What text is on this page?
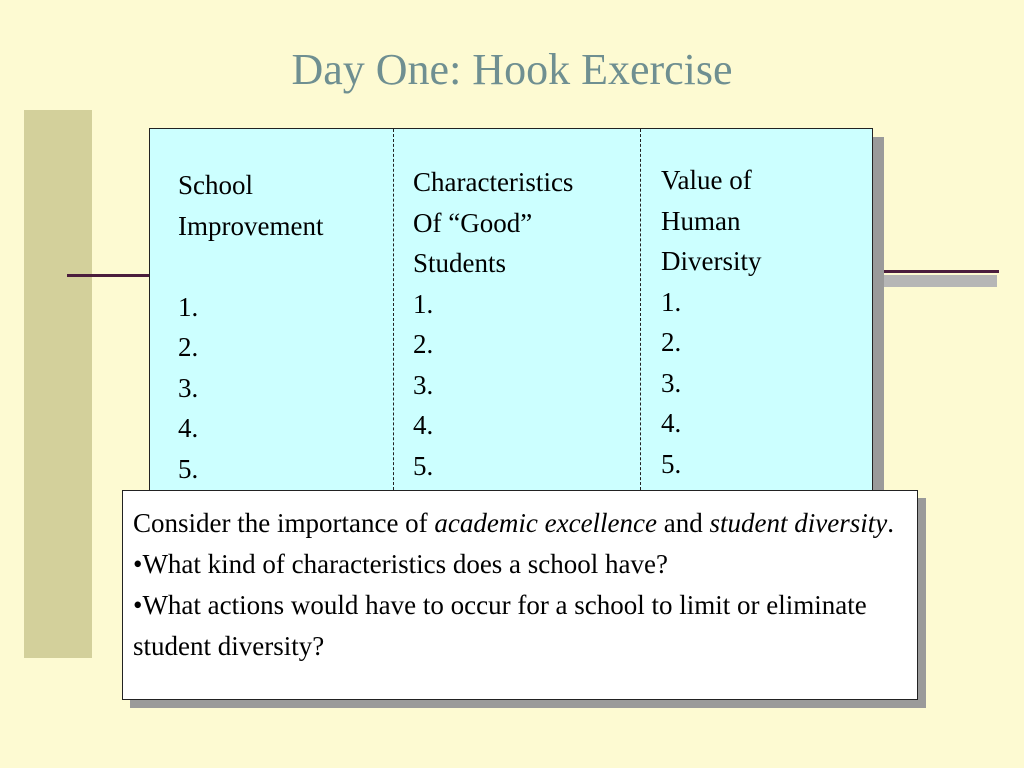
Day One: Hook Exercise
School
Improvement

1.
2.
3.
4.
5.
Characteristics
Of “Good”
Students
1.
2.
3.
4.
5.
Value of
Human
Diversity
1.
2.
3.
4.
5.

Consider the importance of academic excellence and student diversity.

•What kind of characteristics does a school have?

•What actions would have to occur for a school to limit or eliminate student diversity?
